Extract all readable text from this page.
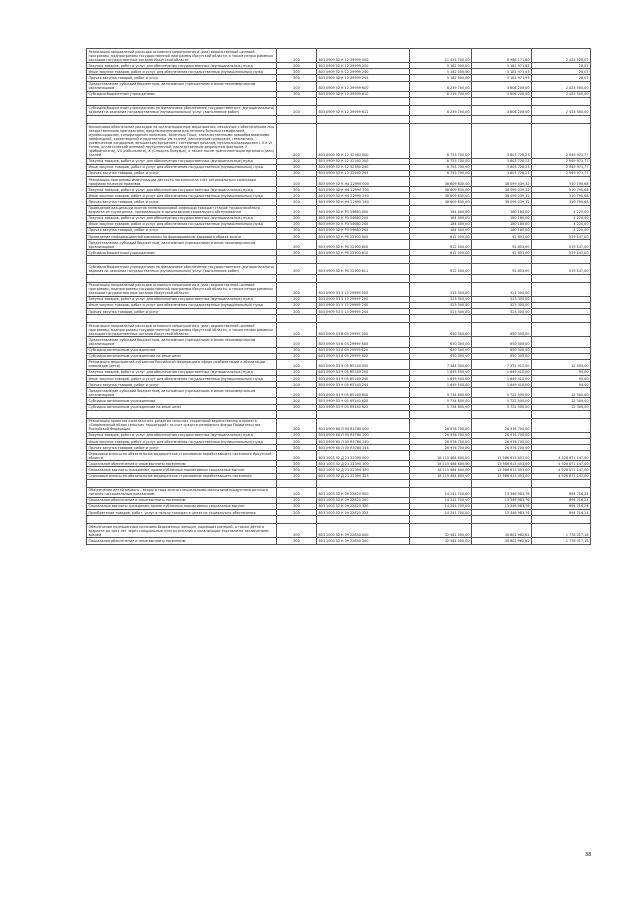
Реализация направлений расходов основного мероприятия и (или) ведомственной целевой программы, подпрограммы государственной программы Иркутской области, а также непрограммных расходов государственных органов Иркутской области	200	803 0909 52 К 12 29999 000	11 425 700,00	8 988 171,80	2 433 528,07
Закупка товаров, работ и услуг для обеспечения государственных (муниципальных) нужд	200	803 0909 52 К 12 29999 200	5 182 000,00	5 181 971,83	28,07
Иные закупки товаров, работ и услуг для обеспечения государственных (муниципальных) нужд	200	803 0909 52 К 12 29999 240	5 182 000,00	5 181 971,93	28,07
Прочая закупка товаров, работ и услуг	200	803 0909 52 К 12 29999 244	5 182 000,00	5 181 971,93	28,07
Предоставление субсидий бюджетным, автономным учреждениям и иным некоммерческим организациям	200	803 0909 52 К 12 29999 600	6 239 700,00	3 806 200,00	2 433 500,00
Субсидии бюджетным учреждениям	200	803 0909 52 К 12 29999 610	6 239 700,00	3 806 200,00	2 433 500,00

Субсидии бюджетным учреждениям на финансовое обеспечение государственного (муниципального) задания на оказание государственных (муниципальных) услуг (выполнение работ)	200	803 0909 52 К 12 29999 611	6 239 700,00	3 806 200,00	2 433 500,00

Финансовое обеспечение расходов на организационные мероприятия, связанные с обеспечением лиц лекарственными препаратами, предназначенными для лечения больных гемофилией, муковисцидозом, гипофизарным нанизмом, болезнью Гоше, злокачественными новообразованиями лимфоидной, кроветворной и родственных им тканей, рассеянным склерозом, гемолитико-уремическим синдромом, юношеским артритом с системным началом, мукополисахаридозом I, II и VI типов, апластической анемией неуточненной, наследственным дефицитом факторов II (фибриногена), VII (лабильного), X (Стюарта-Прауэра), а также после трансплантации органов и (или) тканей	200	803 0909 52 К 12 52160 000	6 753 700,00	3 803 728,23	2 949 971,77
Закупка товаров, работ и услуг для обеспечения государственных (муниципальных) нужд	200	803 0909 52 К 12 52160 200	6 753 700,00	3 803 728,23	2 949 971,77
Иные закупки товаров, работ и услуг для обеспечения государственных (муниципальных) нужд	200	803 0909 52 К 12 52160 240	6 753 700,00	3 803 728,23	2 949 971,77
Прочая закупка товаров, работ и услуг	200	803 0909 52 К 12 52160 244	6 753 700,00	3 803 728,23	2 949 971,77
Реализация программы иммунизации детского населения за счет регионального календаря профилактических прививок	200	803 0909 52 К Н4 22990 000	38 609 830,00	38 099 039,32	510 790,68
Закупка товаров, работ и услуг для обеспечения государственных (муниципальных) нужд	200	803 0909 52 К Н4 22990 200	38 609 830,00	38 099 039,32	510 790,68
Иные закупки товаров, работ и услуг для обеспечения государственных (муниципальных) нужд	200	803 0909 52 К Н4 22990 240	38 609 830,00	38 099 039,32	510 790,68
Прочая закупка товаров, работ и услуг	200	803 0909 52 К Н4 22990 244	38 609 830,00	38 099 039,32	510 790,68
Проведение вакцинации против пневмококковой инфекции граждан старше трудоспособного возраста из групп риска, проживающих в организациях социального обслуживания	200	803 0909 52 К Р3 54680 000	184 400,00	180 180,00	4 220,00
Закупка товаров, работ и услуг для обеспечения государственных (муниципальных) нужд	200	803 0909 52 К Р3 54680 200	184 400,00	180 180,00	4 220,00
Иные закупки товаров, работ и услуг для обеспечения государственных (муниципальных) нужд	200	803 0909 52 К Р3 54680 240	184 400,00	180 180,00	4 220,00
Прочая закупка товаров, работ и услуг	200	803 0909 52 К Р3 54680 244	184 400,00	180 180,00	4 220,00
Проведение информационной кампании по формированию здорового образа жизни	200	803 0909 52 К Р4 22100 000	612 000,00	92 853,00	519 147,00
Предоставление субсидий бюджетным, автономным учреждениям и иным некоммерческим организациям	200	803 0909 52 К Р4 22100 600	612 000,00	92 853,00	519 147,00
Субсидии бюджетным учреждениям	200	803 0909 52 К Р4 22100 610	612 000,00	92 853,00	519 147,00

Субсидии бюджетным учреждениям на финансовое обеспечение государственного (муниципального) задания на оказание государственных (муниципальных) услуг (выполнение работ)	200	803 0909 52 К Р4 22100 611	612 000,00	92 853,00	519 147,00

Реализация направлений расходов основного мероприятия и (или) ведомственной целевой программы, подпрограммы государственной программы Иркутской области, а также непрограммных расходов государственных органов Иркутской области	200	803 0909 53 5 13 29999 000	523 300,00	523 300,00	-
Закупка товаров, работ и услуг для обеспечения государственных (муниципальных) нужд	200	803 0909 53 5 13 29999 200	523 300,00	523 300,00	-
Иные закупки товаров, работ и услуг для обеспечения государственных (муниципальных) нужд	200	803 0909 53 5 13 29999 240	523 300,00	523 300,00	-
Прочая закупка товаров, работ и услуг	200	803 0909 53 5 13 29999 244	523 300,00	523 300,00	-

Реализация направлений расходов основного мероприятия и (или) ведомственной целевой программы, подпрограммы государственной программы Иркутской области, а также непрограммных расходов государственных органов Иркутской области	200	803 0909 53 8 03 29999 000	650 300,00	650 300,00	-
Предоставление субсидий бюджетным, автономным учреждениям и иным некоммерческим организациям	200	803 0909 53 8 03 29999 600	650 300,00	650 300,00	-
Субсидии автономным учреждениям	200	803 0909 53 8 03 29999 620	650 300,00	650 300,00	-
Субсидии автономным учреждениям на иные цели	200	803 0909 53 8 03 29999 622	650 300,00	650 300,00	-
Реализация мероприятий субъектов Российской Федерации в сфере реабилитации и абилитации инвалидов (дети)	200	803 0909 53 9 05 R5140 000	7 384 300,00	7 371 910,00	12 390,00
Закупка товаров, работ и услуг для обеспечения государственных (муниципальных) нужд	200	803 0909 53 9 05 R5140 200	1 649 500,00	1 649 410,00	90,00
Иные закупки товаров, работ и услуг для обеспечения государственных (муниципальных) нужд	200	803 0909 53 9 05 R5140 240	1 649 500,00	1 649 410,00	90,00
Прочая закупка товаров, работ и услуг	200	803 0909 53 9 05 R5140 244	1 649 500,00	1 649 410,00	90,00
Предоставление субсидий бюджетным, автономным учреждениям и иным некоммерческим организациям	200	803 0909 53 9 05 R5140 600	5 734 800,00	5 722 500,00	12 300,00
Субсидии автономным учреждениям	200	803 0909 53 9 05 R5140 620	5 734 800,00	5 722 500,00	12 300,00
Субсидии автономным учреждениям на иные цели	200	803 0909 53 9 05 R5140 622	5 734 800,00	5 722 500,00	12 300,00

Реализация проектов комплексного развития сельских территорий ведомственного проекта «Современный облик сельских территорий» за счет средств резервного фонда Правительства Российской Федерации	200	803 0909 60 Л 05 R5760 000	26 976 700,00	26 976 700,00	-
Закупка товаров, работ и услуг для обеспечения государственных (муниципальных) нужд	200	803 0909 60 Л 05 R5760 200	26 976 700,00	26 976 700,00	-
Иные закупки товаров, работ и услуг для обеспечения государственных (муниципальных) нужд	200	803 0909 60 Л 05 R5760 240	26 976 700,00	26 976 700,00	-
Прочая закупка товаров, работ и услуг	200	803 0909 60 Л 05 R5760 244	26 976 700,00	26 976 700,00	-
Страховые взносы на обязательное медицинское страхование неработающего населения Иркутской области	200	803 1003 52 Д 21 22390 000	18 115 484 600,00	13 586 613 453,00	4 528 871 147,00
Социальное обеспечение и иные выплаты населению	200	803 1003 52 Д 21 22390 300	18 115 484 600,00	13 586 613 453,00	4 528 871 147,00
Социальные выплаты гражданам, кроме публичных нормативных социальных выплат	200	803 1003 52 Д 21 22390 320	18 115 484 600,00	13 586 613 453,00	4 528 871 147,00
Страховые взносы на обязательное медицинское страхование неработающего населения	200	803 1003 52 Д 21 22390 325	18 115 484 600,00	13 586 613 453,00	4 528 871 147,00

Обеспечение детей первого - второго года жизни специальными молочными продуктами детского питания по социальным показаниям	200	803 1003 52 К 09 22820 000	14 241 700,00	13 346 983,76	894 716,24
Социальное обеспечение и иные выплаты населению	200	803 1003 52 К 09 22820 300	14 241 700,00	13 346 983,76	894 716,24
Социальные выплаты гражданам, кроме публичных нормативных социальных выплат	200	803 1003 52 К 09 22820 320	14 241 700,00	13 346 983,76	894 716,24
Приобретение товаров, работ, услуг в пользу граждан в целях их социального обеспечения	200	803 1003 52 К 09 22820 323	14 241 700,00	13 346 983,76	894 716,24

Обеспечение полноценным питанием беременных женщин, кормящих матерей, а также детей в возрасте до трех лет через специальные пункты питания и организации торговли по заключениям врачей	200	803 1003 52 К 09 22830 000	32 581 000,00	30 802 982,82	1 778 017,18
Социальное обеспечение и иные выплаты населению	200	803 1003 52 К 09 22830 300	32 581 000,00	30 802 982,82	1 778 017,18
38
